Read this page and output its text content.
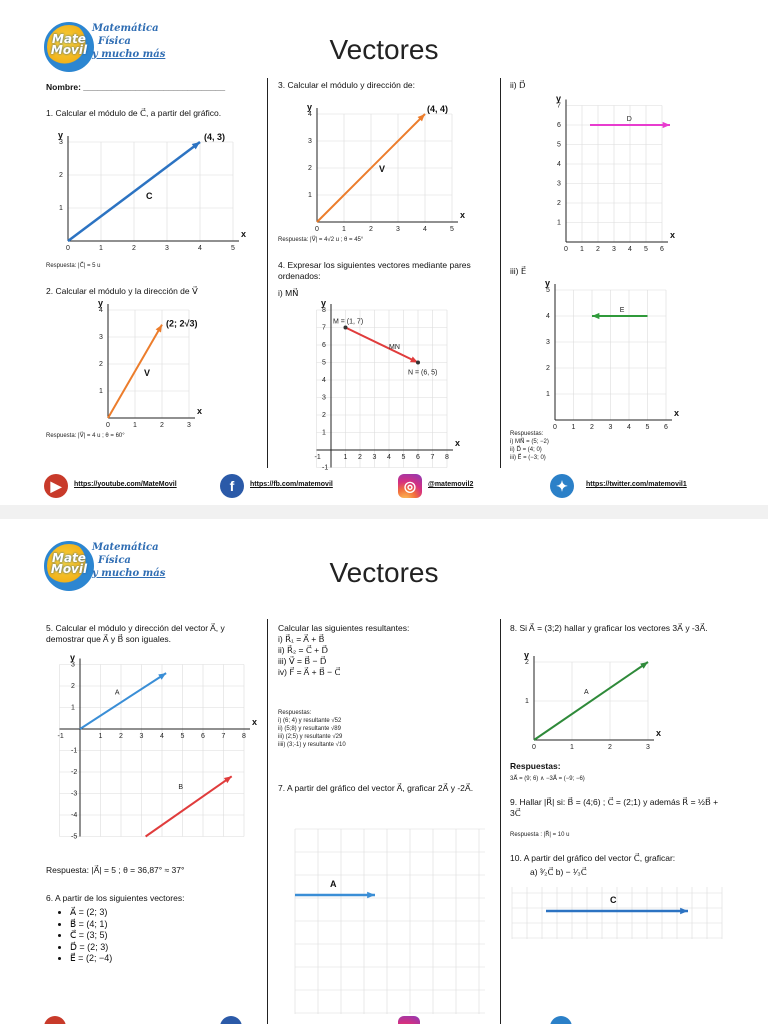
Mate Movil
Matemática
Física
y mucho más	Vectores
Nombre: ______________________________
1. Calcular el módulo de C⃗, a partir del gráfico.
0	1	2	3	4	5
1
2
3
x
y	(4, 3)
C
Respuesta: |C⃗| = 5 u
2. Calcular el módulo y la dirección de V⃗
0	1	2	3
1
2
3
4
x
y
(2; 2√3)
V
Respuesta: |V⃗| = 4 u ; θ = 60°
3. Calcular el módulo y dirección de:
0	1	2	3	4	5
1
2
3
4
x
y	(4, 4)
V
Respuesta: |V⃗| = 4√2 u ; θ = 45°
4. Expresar los siguientes vectores mediante pares ordenados:
i) MN⃗
-1	1 2 3 4 5 6 7 8
-1
1
2
3
4
5
6
7
8
x
y
M = (1, 7)
N = (6, 5)
MN
ii) D⃗
0 1 2 3 4 5 6
1
2
3
4
5
6
7
x
y
D
iii) E⃗
0 1 2 3 4 5 6
1
2
3
4
5
x
y
E
Respuestas:
i) MN⃗ = (5; −2)
ii) D⃗ = (4; 0)
iii) E⃗ = (−3; 0)
▶	https://youtube.com/MateMovil	f	https://fb.com/matemovil	◎	@matemovil2	✦	https://twitter.com/matemovil1
Mate Movil
Matemática
Física
y mucho más	Vectores
5. Calcular el módulo y dirección del vector A⃗, y demostrar que A⃗ y B⃗ son iguales.
-1	1 2 3 4 5 6 7 8
-5
-4
-3
-2
-1
1
2
3
x
y
A
B
Respuesta: |A⃗| = 5 ; θ = 36,87° ≈ 37°
6. A partir de los siguientes vectores:
• A⃗ = (2; 3)
• B⃗ = (4; 1)
• C⃗ = (3; 5)
• D⃗ = (2; 3)
• E⃗ = (2; −4)
Calcular las siguientes resultantes:
i) R⃗₁ = A⃗ + B⃗
ii) R⃗₂ = C⃗ + D⃗
iii) V⃗ = B⃗ − D⃗
iv) F⃗ = A⃗ + B⃗ − C⃗
Respuestas:
i) (6; 4) y resultante √52
ii) (5;8) y resultante √89
iii) (2;5) y resultante √29
iiii) (3;-1) y resultante √10
7. A partir del gráfico del vector A⃗, graficar 2A⃗ y -2A⃗.
A
8. Si A⃗ = (3;2) hallar y graficar los vectores 3A⃗ y -3A⃗.
0	1	2	3
1
2
x
y
A
Respuestas:
3A⃗ = (9; 6) ∧ −3A⃗ = (−9; −6)
9. Hallar |R⃗| si: B⃗ = (4;6) ; C⃗ = (2;1) y además R⃗ = ½B⃗ + 3C⃗
Respuesta : |R⃗| = 10 u
10. A partir del gráfico del vector C⃗, graficar:
a) ³⁄₂C⃗ b) − ¹⁄₃C⃗
C
